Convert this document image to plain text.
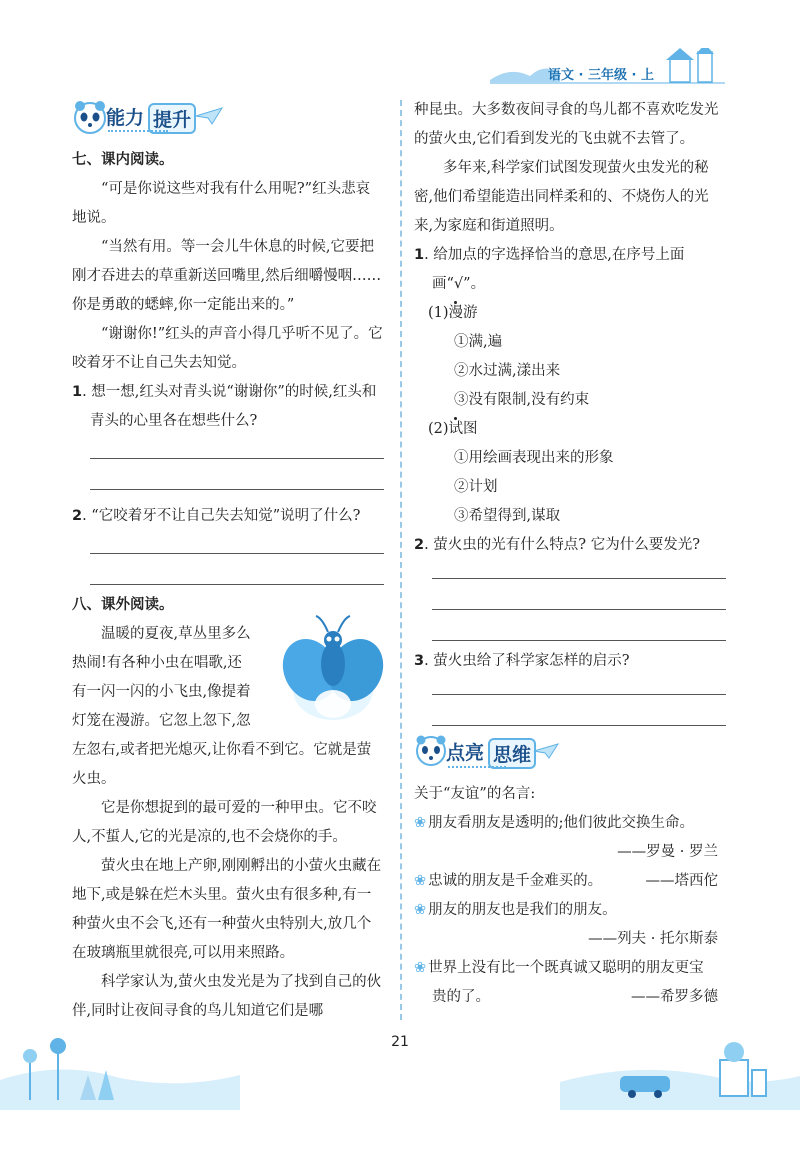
语文 · 三年级 · 上
能力 提升

七、课内阅读。

“可是你说这些对我有什么用呢?”红头悲哀地说。

“当然有用。等一会儿牛休息的时候,它要把刚才吞进去的草重新送回嘴里,然后细嚼慢咽……你是勇敢的蟋蟀,你一定能出来的。”

“谢谢你!”红头的声音小得几乎听不见了。它咬着牙不让自己失去知觉。

1. 想一想,红头对青头说“谢谢你”的时候,红头和青头的心里各在想些什么?

2. “它咬着牙不让自己失去知觉”说明了什么?

八、课外阅读。

温暖的夏夜,草丛里多么

热闹!有各种小虫在唱歌,还

有一闪一闪的小飞虫,像提着

灯笼在漫游。它忽上忽下,忽

左忽右,或者把光熄灭,让你看不到它。它就是萤火虫。

它是你想捉到的最可爱的一种甲虫。它不咬人,不蜇人,它的光是凉的,也不会烧你的手。

萤火虫在地上产卵,刚刚孵出的小萤火虫藏在地下,或是躲在烂木头里。萤火虫有很多种,有一种萤火虫不会飞,还有一种萤火虫特别大,放几个在玻璃瓶里就很亮,可以用来照路。

科学家认为,萤火虫发光是为了找到自己的伙伴,同时让夜间寻食的鸟儿知道它们是哪

种昆虫。大多数夜间寻食的鸟儿都不喜欢吃发光的萤火虫,它们看到发光的飞虫就不去管了。

多年来,科学家们试图发现萤火虫发光的秘密,他们希望能造出同样柔和的、不烧伤人的光来,为家庭和街道照明。

1. 给加点的字选择恰当的意思,在序号上面画“√”。

(1)漫游

①满,遍

②水过满,漾出来

③没有限制,没有约束

(2)试图

①用绘画表现出来的形象

②计划

③希望得到,谋取

2. 萤火虫的光有什么特点? 它为什么要发光?

3. 萤火虫给了科学家怎样的启示?

点亮 思维

关于“友谊”的名言:

❀ 朋友看朋友是透明的;他们彼此交换生命。

——罗曼 · 罗兰

❀ 忠诚的朋友是千金难买的。	——塔西佗

❀ 朋友的朋友也是我们的朋友。

——列夫 · 托尔斯泰

❀ 世界上没有比一个既真诚又聪明的朋友更宝

贵的了。	——希罗多德

21
